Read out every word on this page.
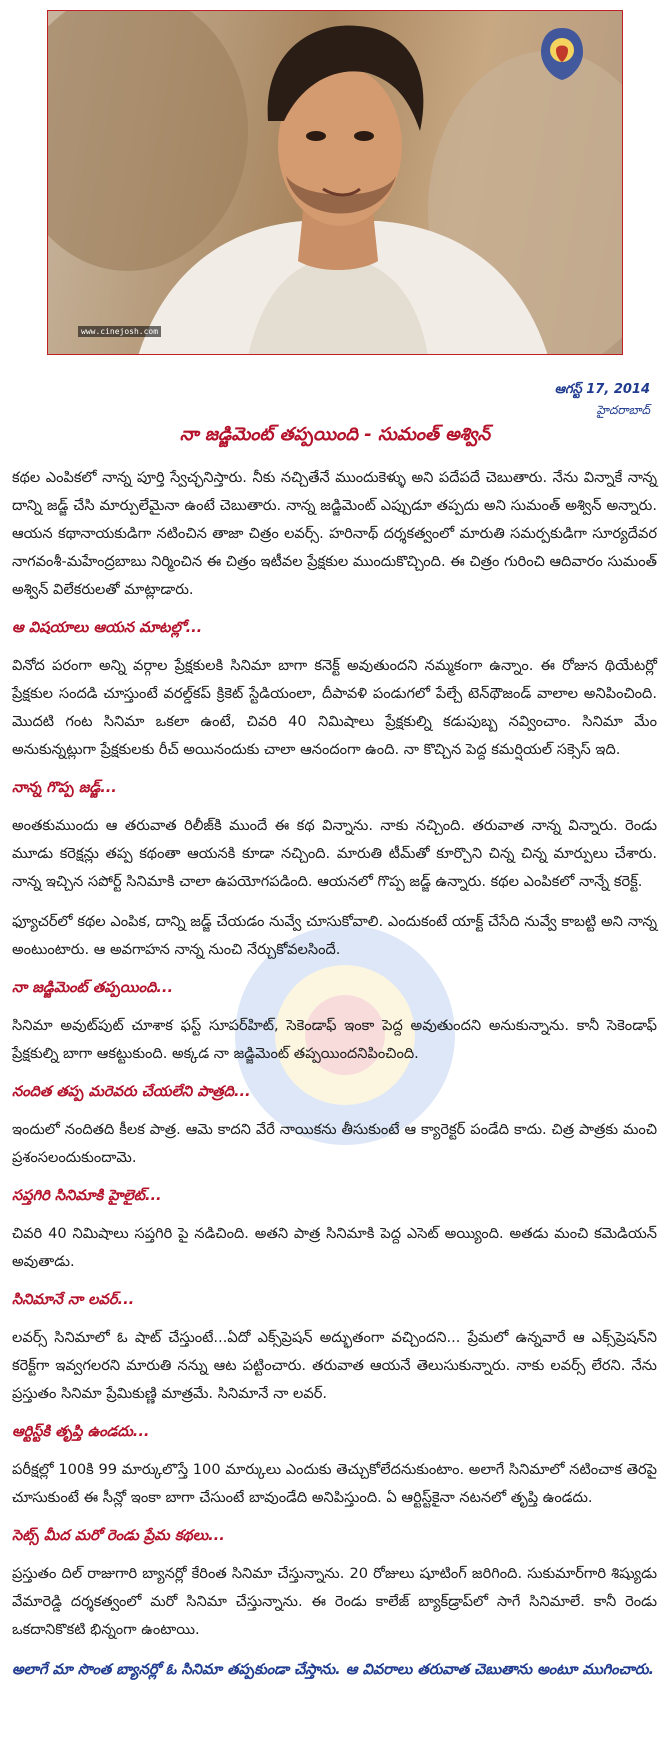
www.cinejosh.com
ఆగస్ట్ 17, 2014
హైదరాబాద్
నా జడ్జిమెంట్ తప్పయింది - సుమంత్ అశ్విన్

కథల ఎంపికలో నాన్న పూర్తి స్వేచ్ఛనిస్తారు. నీకు నచ్చితేనే ముందుకెళ్ళు అని పదేపదే చెబుతారు. నేను విన్నాకే నాన్న దాన్ని జడ్జ్ చేసి మార్పులేమైనా ఉంటే చెబుతారు. నాన్న జడ్జిమెంట్ ఎప్పుడూ తప్పదు అని సుమంత్ అశ్విన్ అన్నారు. ఆయన కథానాయకుడిగా నటించిన తాజా చిత్రం లవర్స్. హరినాథ్ దర్శకత్వంలో మారుతి సమర్పకుడిగా సూర్యదేవర నాగవంశీ-మహేంద్రబాబు నిర్మించిన ఈ చిత్రం ఇటీవల ప్రేక్షకుల ముందుకొచ్చింది. ఈ చిత్రం గురించి ఆదివారం సుమంత్ అశ్విన్ విలేకరులతో మాట్లాడారు.

ఆ విషయాలు ఆయన మాటల్లో...

వినోద పరంగా అన్ని వర్గాల ప్రేక్షకులకి సినిమా బాగా కనెక్ట్ అవుతుందని నమ్మకంగా ఉన్నాం. ఈ రోజున థియేటర్లో ప్రేక్షకుల సందడి చూస్తుంటే వరల్డ్‌కప్ క్రికెట్ స్టేడియంలా, దీపావళి పండుగలో పేల్చే టెన్‌థౌజండ్ వాలాల అనిపించింది. మొదటి గంట సినిమా ఒకలా ఉంటే, చివరి 40 నిమిషాలు ప్రేక్షకుల్ని కడుపుబ్బ నవ్వించాం. సినిమా మేం అనుకున్నట్లుగా ప్రేక్షకులకు రీచ్ అయినందుకు చాలా ఆనందంగా ఉంది. నా కొచ్చిన పెద్ద కమర్షియల్ సక్సెస్ ఇది.

నాన్న గొప్ప జడ్జ్...

అంతకుముందు ఆ తరువాత రిలీజ్‌కి ముందే ఈ కథ విన్నాను. నాకు నచ్చింది. తరువాత నాన్న విన్నారు. రెండు మూడు కరెక్షన్లు తప్ప కథంతా ఆయనకి కూడా నచ్చింది. మారుతి టీమ్‌తో కూర్చొని చిన్న చిన్న మార్పులు చేశారు. నాన్న ఇచ్చిన సపోర్ట్ సినిమాకి చాలా ఉపయోగపడింది. ఆయనలో గొప్ప జడ్జ్ ఉన్నారు. కథల ఎంపికలో నాన్నే కరెక్ట్.

ఫ్యూచర్‌లో కథల ఎంపిక, దాన్ని జడ్జ్ చేయడం నువ్వే చూసుకోవాలి. ఎందుకంటే యాక్ట్ చేసేది నువ్వే కాబట్టి అని నాన్న అంటుంటారు. ఆ అవగాహన నాన్న నుంచి నేర్చుకోవలసిందే.

నా జడ్జిమెంట్ తప్పయింది...

సినిమా అవుట్‌పుట్ చూశాక ఫస్ట్ సూపర్‌హిట్, సెకెండాఫ్ ఇంకా పెద్ద అవుతుందని అనుకున్నాను. కానీ సెకెండాఫ్ ప్రేక్షకుల్ని బాగా ఆకట్టుకుంది. అక్కడ నా జడ్జిమెంట్ తప్పయిందనిపించింది.

నందిత తప్ప మరెవరు చేయలేని పాత్రది...

ఇందులో నందితది కీలక పాత్ర. ఆమె కాదని వేరే నాయికను తీసుకుంటే ఆ క్యారెక్టర్ పండేది కాదు. చిత్ర పాత్రకు మంచి ప్రశంసలందుకుందామె.

సప్తగిరి సినిమాకి హైలైట్...

చివరి 40 నిమిషాలు సప్తగిరి పై నడిచింది. అతని పాత్ర సినిమాకి పెద్ద ఎసెట్ అయ్యింది. అతడు మంచి కమెడియన్ అవుతాడు.

సినిమానే నా లవర్...

లవర్స్ సినిమాలో ఓ షాట్ చేస్తుంటే...ఏదో ఎక్స్‌ప్రెషన్ అద్భుతంగా వచ్చిందని... ప్రేమలో ఉన్నవారే ఆ ఎక్స్‌ప్రెషన్‌ని కరెక్ట్‌గా ఇవ్వగలరని మారుతి నన్ను ఆట పట్టించారు. తరువాత ఆయనే తెలుసుకున్నారు. నాకు లవర్స్ లేరని. నేను ప్రస్తుతం సినిమా ప్రేమికుణ్ణి మాత్రమే. సినిమానే నా లవర్.

ఆర్టిస్ట్‌కి తృప్తి ఉండదు...

పరీక్షల్లో 100కి 99 మార్కులొస్తే 100 మార్కులు ఎందుకు తెచ్చుకోలేదనుకుంటాం. అలాగే సినిమాలో నటించాక తెరపై చూసుకుంటే ఈ సీన్లో ఇంకా బాగా చేసుంటే బావుండేది అనిపిస్తుంది. ఏ ఆర్టిస్ట్‌కైనా నటనలో తృప్తి ఉండదు.

సెట్స్ మీద మరో రెండు ప్రేమ కథలు...

ప్రస్తుతం దిల్ రాజుగారి బ్యానర్లో కేరింత సినిమా చేస్తున్నాను. 20 రోజులు షూటింగ్ జరిగింది. సుకుమార్‌గారి శిష్యుడు వేమారెడ్డి దర్శకత్వంలో మరో సినిమా చేస్తున్నాను. ఈ రెండు కాలేజ్ బ్యాక్‌డ్రాప్‌లో సాగే సినిమాలే. కానీ రెండు ఒకదానికొకటి భిన్నంగా ఉంటాయి.

అలాగే మా సొంత బ్యానర్లో ఓ సినిమా తప్పకుండా చేస్తాను. ఆ వివరాలు తరువాత చెబుతాను అంటూ ముగించారు.
